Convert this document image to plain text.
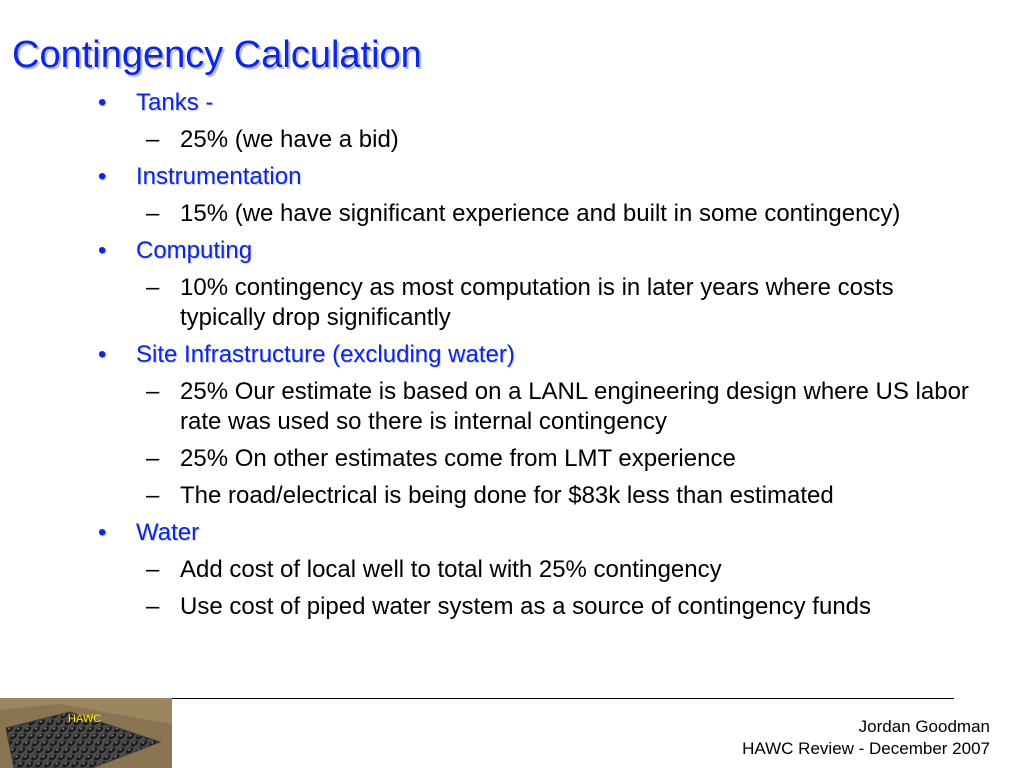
Contingency Calculation
• Tanks -
– 25% (we have a bid)
• Instrumentation
– 15% (we have significant experience and built in some contingency)
• Computing
– 10% contingency as most computation is in later years where costs typically drop significantly
• Site Infrastructure (excluding water)
– 25% Our estimate is based on a LANL engineering design where US labor rate was used so there is internal contingency
– 25% On other estimates come from LMT experience
– The road/electrical is being done for $83k less than estimated
• Water
– Add cost of local well to total with 25% contingency
– Use cost of piped water system as a source of contingency funds
HAWC	Jordan Goodman
HAWC Review - December 2007
